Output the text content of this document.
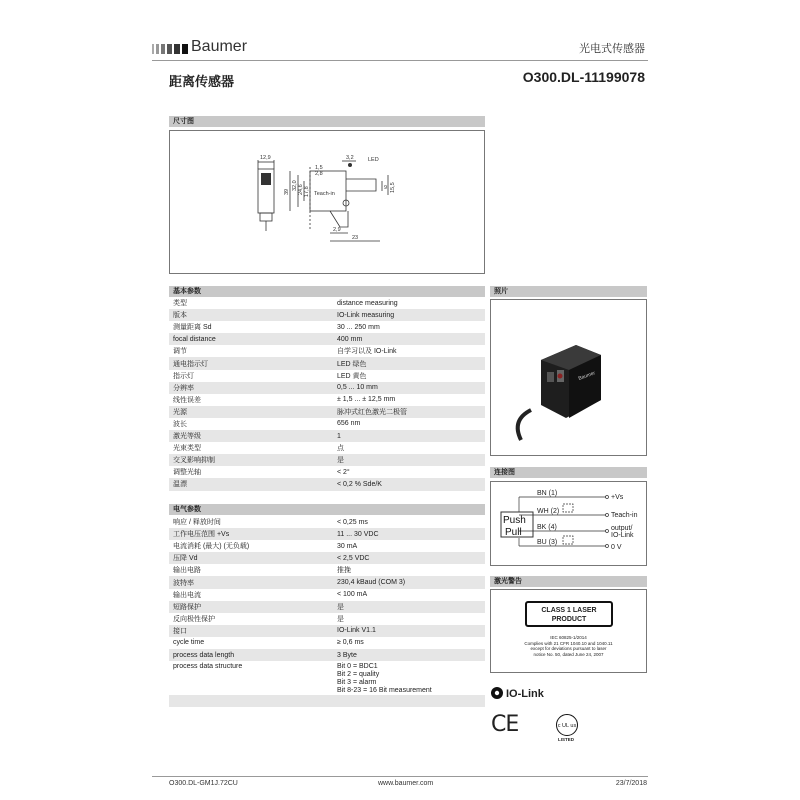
Baumer	光电式传感器
距离传感器	O300.DL-11199078
尺寸图
12,9	3,2	LED
1,5
2,8
32,0
39 24,6 17,8 Teach-in
15,5
9
2,9
23
基本参数
类型	distance measuring
版本	IO-Link measuring
测量距离 Sd	30 ... 250 mm
focal distance	400 mm
调节	自学习以及 IO-Link
通电指示灯	LED 绿色
指示灯	LED 黄色
分辨率	0,5 ... 10 mm
线性误差	± 1,5 ... ± 12,5 mm
光源	脉冲式红色激光二极管
波长	656 nm
激光等级	1
光束类型	点
交叉影响抑制	是
调整光轴	< 2°
温漂	< 0,2 % Sde/K
电气参数
响应 / 释放时间	< 0,25 ms
工作电压范围 +Vs	11 ... 30 VDC
电流消耗 (最大) (无负载)	30 mA
压降 Vd	< 2,5 VDC
输出电路	推挽
波特率	230,4 kBaud (COM 3)
输出电流	< 100 mA
短路保护	是
反向极性保护	是
接口	IO-Link V1.1
cycle time	≥ 0,6 ms
process data length	3 Byte
process data structure	Bit 0 = BDC1
Bit 2 = quality
Bit 3 = alarm
Bit 8-23 = 16 Bit measurement

照片
Baumer
连接图
BN (1)
WH (2)
BK (4)
BU (3)
+Vs
Teach-in
output/
IO-Link
0 V
Push
Pull
激光警告
CLASS 1 LASER
PRODUCT
IEC 60825-1/2014
Complies with 21 CFR 1040.10 and 1040.11
except for deviations pursuant to laser
notice No. 50, dated June 24, 2007
IO-Link
CE	c UL us
LISTED
O300.DL-GM1J.72CU	www.baumer.com	23/7/2018
